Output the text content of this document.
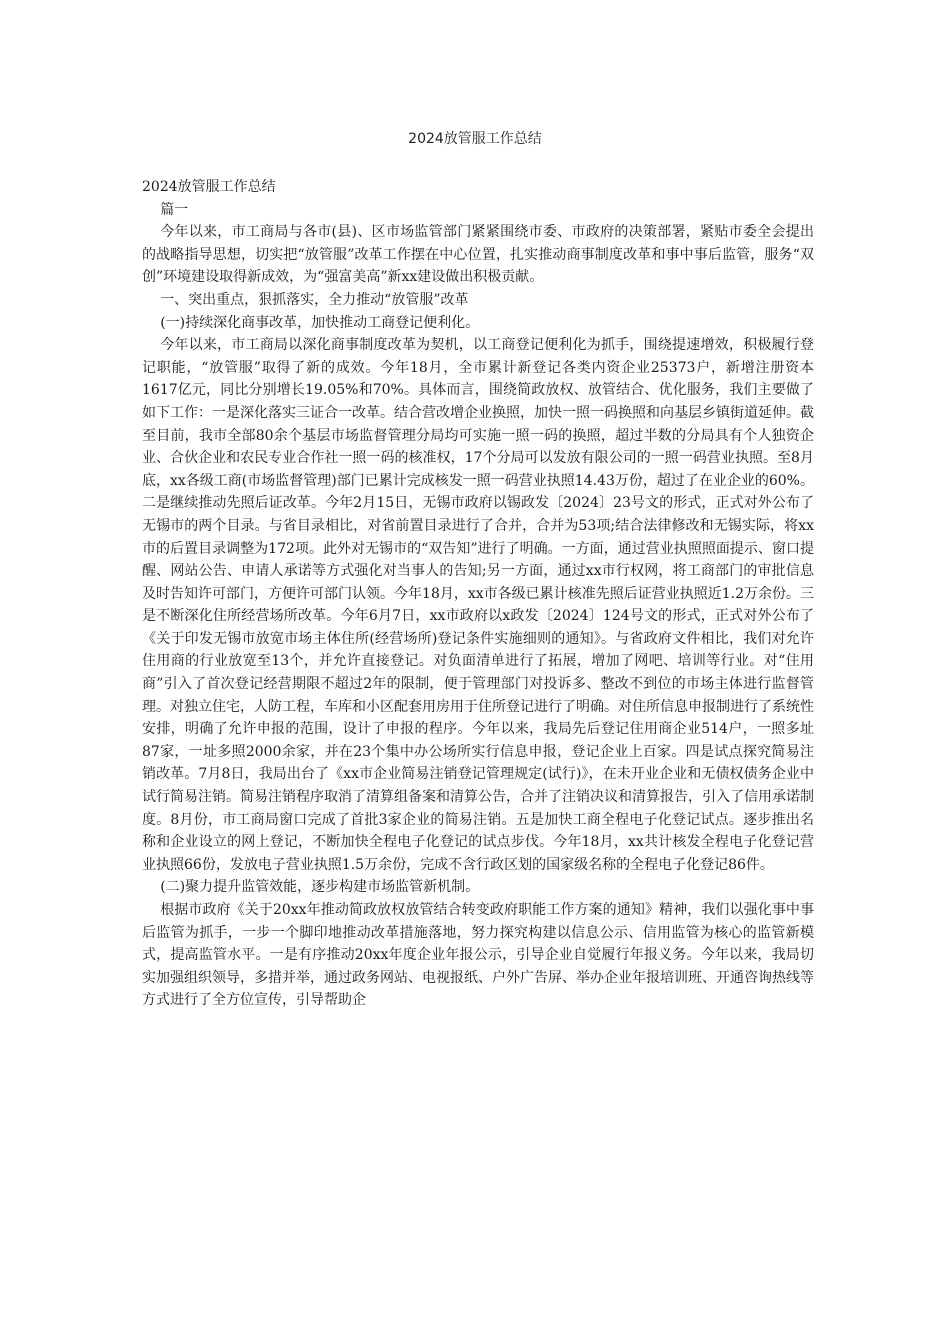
2024放管服工作总结

2024放管服工作总结

篇一

今年以来，市工商局与各市(县)、区市场监管部门紧紧围绕市委、市政府的决策部署，紧贴市委全会提出的战略指导思想，切实把“放管服”改革工作摆在中心位置，扎实推动商事制度改革和事中事后监管，服务“双创”环境建设取得新成效，为“强富美高”新xx建设做出积极贡献。

一、突出重点，狠抓落实，全力推动“放管服”改革

(一)持续深化商事改革，加快推动工商登记便利化。

今年以来，市工商局以深化商事制度改革为契机，以工商登记便利化为抓手，围绕提速增效，积极履行登记职能，“放管服”取得了新的成效。今年18月，全市累计新登记各类内资企业25373户，新增注册资本1617亿元，同比分别增长19.05%和70%。具体而言，围绕简政放权、放管结合、优化服务，我们主要做了如下工作：一是深化落实三证合一改革。结合营改增企业换照，加快一照一码换照和向基层乡镇街道延伸。截至目前，我市全部80余个基层市场监督管理分局均可实施一照一码的换照，超过半数的分局具有个人独资企业、合伙企业和农民专业合作社一照一码的核准权，17个分局可以发放有限公司的一照一码营业执照。至8月底，xx各级工商(市场监督管理)部门已累计完成核发一照一码营业执照14.43万份，超过了在业企业的60%。二是继续推动先照后证改革。今年2月15日，无锡市政府以锡政发〔2024〕23号文的形式，正式对外公布了无锡市的两个目录。与省目录相比，对省前置目录进行了合并，合并为53项;结合法律修改和无锡实际，将xx市的后置目录调整为172项。此外对无锡市的“双告知”进行了明确。一方面，通过营业执照照面提示、窗口提醒、网站公告、申请人承诺等方式强化对当事人的告知;另一方面，通过xx市行权网，将工商部门的审批信息及时告知许可部门，方便许可部门认领。今年18月，xx市各级已累计核准先照后证营业执照近1.2万余份。三是不断深化住所经营场所改革。今年6月7日，xx市政府以x政发〔2024〕124号文的形式，正式对外公布了《关于印发无锡市放宽市场主体住所(经营场所)登记条件实施细则的通知》。与省政府文件相比，我们对允许住用商的行业放宽至13个，并允许直接登记。对负面清单进行了拓展，增加了网吧、培训等行业。对“住用商”引入了首次登记经营期限不超过2年的限制，便于管理部门对投诉多、整改不到位的市场主体进行监督管理。对独立住宅，人防工程，车库和小区配套用房用于住所登记进行了明确。对住所信息申报制进行了系统性安排，明确了允许申报的范围，设计了申报的程序。今年以来，我局先后登记住用商企业514户，一照多址87家，一址多照2000余家，并在23个集中办公场所实行信息申报，登记企业上百家。四是试点探究简易注销改革。7月8日，我局出台了《xx市企业简易注销登记管理规定(试行)》，在未开业企业和无债权债务企业中试行简易注销。简易注销程序取消了清算组备案和清算公告，合并了注销决议和清算报告，引入了信用承诺制度。8月份，市工商局窗口完成了首批3家企业的简易注销。五是加快工商全程电子化登记试点。逐步推出名称和企业设立的网上登记，不断加快全程电子化登记的试点步伐。今年18月，xx共计核发全程电子化登记营业执照66份，发放电子营业执照1.5万余份，完成不含行政区划的国家级名称的全程电子化登记86件。

(二)聚力提升监管效能，逐步构建市场监管新机制。

根据市政府《关于20xx年推动简政放权放管结合转变政府职能工作方案的通知》精神，我们以强化事中事后监管为抓手，一步一个脚印地推动改革措施落地，努力探究构建以信息公示、信用监管为核心的监管新模式，提高监管水平。一是有序推动20xx年度企业年报公示，引导企业自觉履行年报义务。今年以来，我局切实加强组织领导，多措并举，通过政务网站、电视报纸、户外广告屏、举办企业年报培训班、开通咨询热线等方式进行了全方位宣传，引导帮助企
